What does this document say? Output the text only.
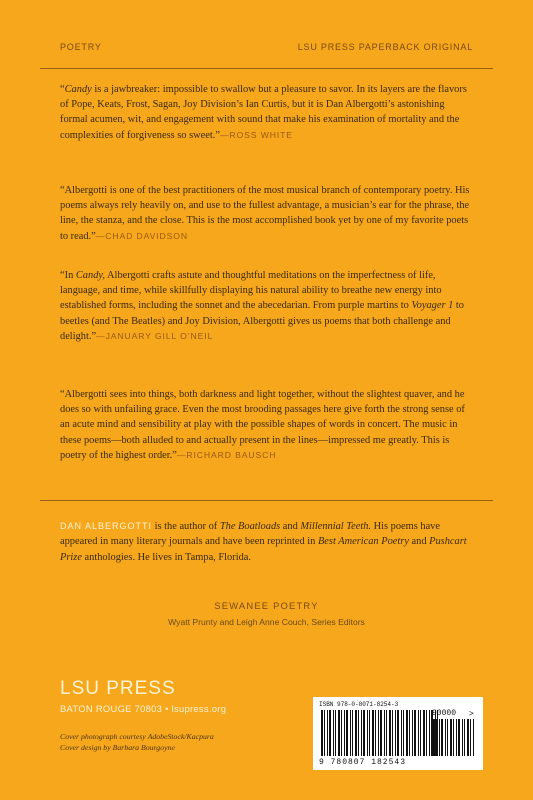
POETRY	LSU PRESS PAPERBACK ORIGINAL
“Candy is a jawbreaker: impossible to swallow but a pleasure to savor. In its layers are the flavors of Pope, Keats, Frost, Sagan, Joy Division’s Ian Curtis, but it is Dan Albergotti’s astonishing formal acumen, wit, and engagement with sound that make his examination of mortality and the complexities of forgiveness so sweet.”—ROSS WHITE
“Albergotti is one of the best practitioners of the most musical branch of contemporary poetry. His poems always rely heavily on, and use to the fullest advantage, a musician’s ear for the phrase, the line, the stanza, and the close. This is the most accomplished book yet by one of my favorite poets to read.”—CHAD DAVIDSON
“In Candy, Albergotti crafts astute and thoughtful meditations on the imperfectness of life, language, and time, while skillfully displaying his natural ability to breathe new energy into established forms, including the sonnet and the abecedarian. From purple martins to Voyager 1 to beetles (and The Beatles) and Joy Division, Albergotti gives us poems that both challenge and delight.”—JANUARY GILL O’NEIL
“Albergotti sees into things, both darkness and light together, without the slightest quaver, and he does so with unfailing grace. Even the most brooding passages here give forth the strong sense of an acute mind and sensibility at play with the possible shapes of words in concert. The music in these poems—both alluded to and actually present in the lines—impressed me greatly. This is poetry of the highest order.”—RICHARD BAUSCH
DAN ALBERGOTTI is the author of The Boatloads and Millennial Teeth. His poems have appeared in many literary journals and have been reprinted in Best American Poetry and Pushcart Prize anthologies. He lives in Tampa, Florida.
SEWANEE POETRY
Wyatt Prunty and Leigh Anne Couch, Series Editors
LSU PRESS
BATON ROUGE 70803 • lsupress.org
Cover photograph courtesy AdobeStock/Kacpura
Cover design by Barbara Bourgoyne
ISBN 978-0-8071-8254-3
9 780807 182543
90000 >
